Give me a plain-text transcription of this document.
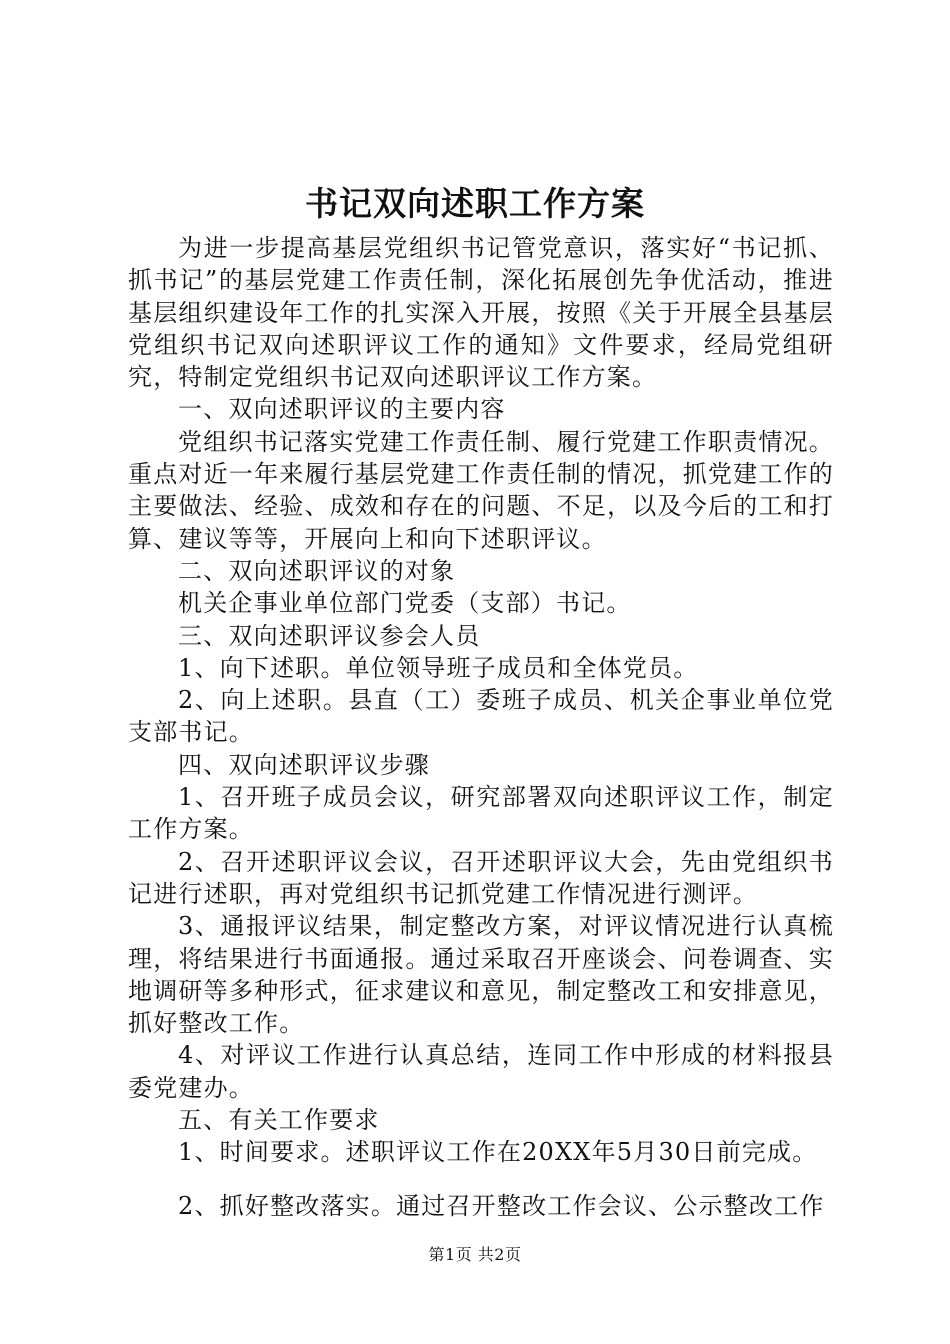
书记双向述职工作方案

为进一步提高基层党组织书记管党意识，落实好“书记抓、抓书记”的基层党建工作责任制，深化拓展创先争优活动，推进基层组织建设年工作的扎实深入开展，按照《关于开展全县基层党组织书记双向述职评议工作的通知》文件要求，经局党组研究，特制定党组织书记双向述职评议工作方案。

一、双向述职评议的主要内容

党组织书记落实党建工作责任制、履行党建工作职责情况。重点对近一年来履行基层党建工作责任制的情况，抓党建工作的主要做法、经验、成效和存在的问题、不足，以及今后的工和打算、建议等等，开展向上和向下述职评议。

二、双向述职评议的对象

机关企事业单位部门党委（支部）书记。

三、双向述职评议参会人员

1、向下述职。单位领导班子成员和全体党员。

2、向上述职。县直（工）委班子成员、机关企事业单位党支部书记。

四、双向述职评议步骤

1、召开班子成员会议，研究部署双向述职评议工作，制定工作方案。

2、召开述职评议会议，召开述职评议大会，先由党组织书记进行述职，再对党组织书记抓党建工作情况进行测评。

3、通报评议结果，制定整改方案，对评议情况进行认真梳理，将结果进行书面通报。通过采取召开座谈会、问卷调查、实地调研等多种形式，征求建议和意见，制定整改工和安排意见，抓好整改工作。

4、对评议工作进行认真总结，连同工作中形成的材料报县委党建办。

五、有关工作要求

1、时间要求。述职评议工作在20XX年5月30日前完成。

2、抓好整改落实。通过召开整改工作会议、公示整改工作

第1页 共2页
